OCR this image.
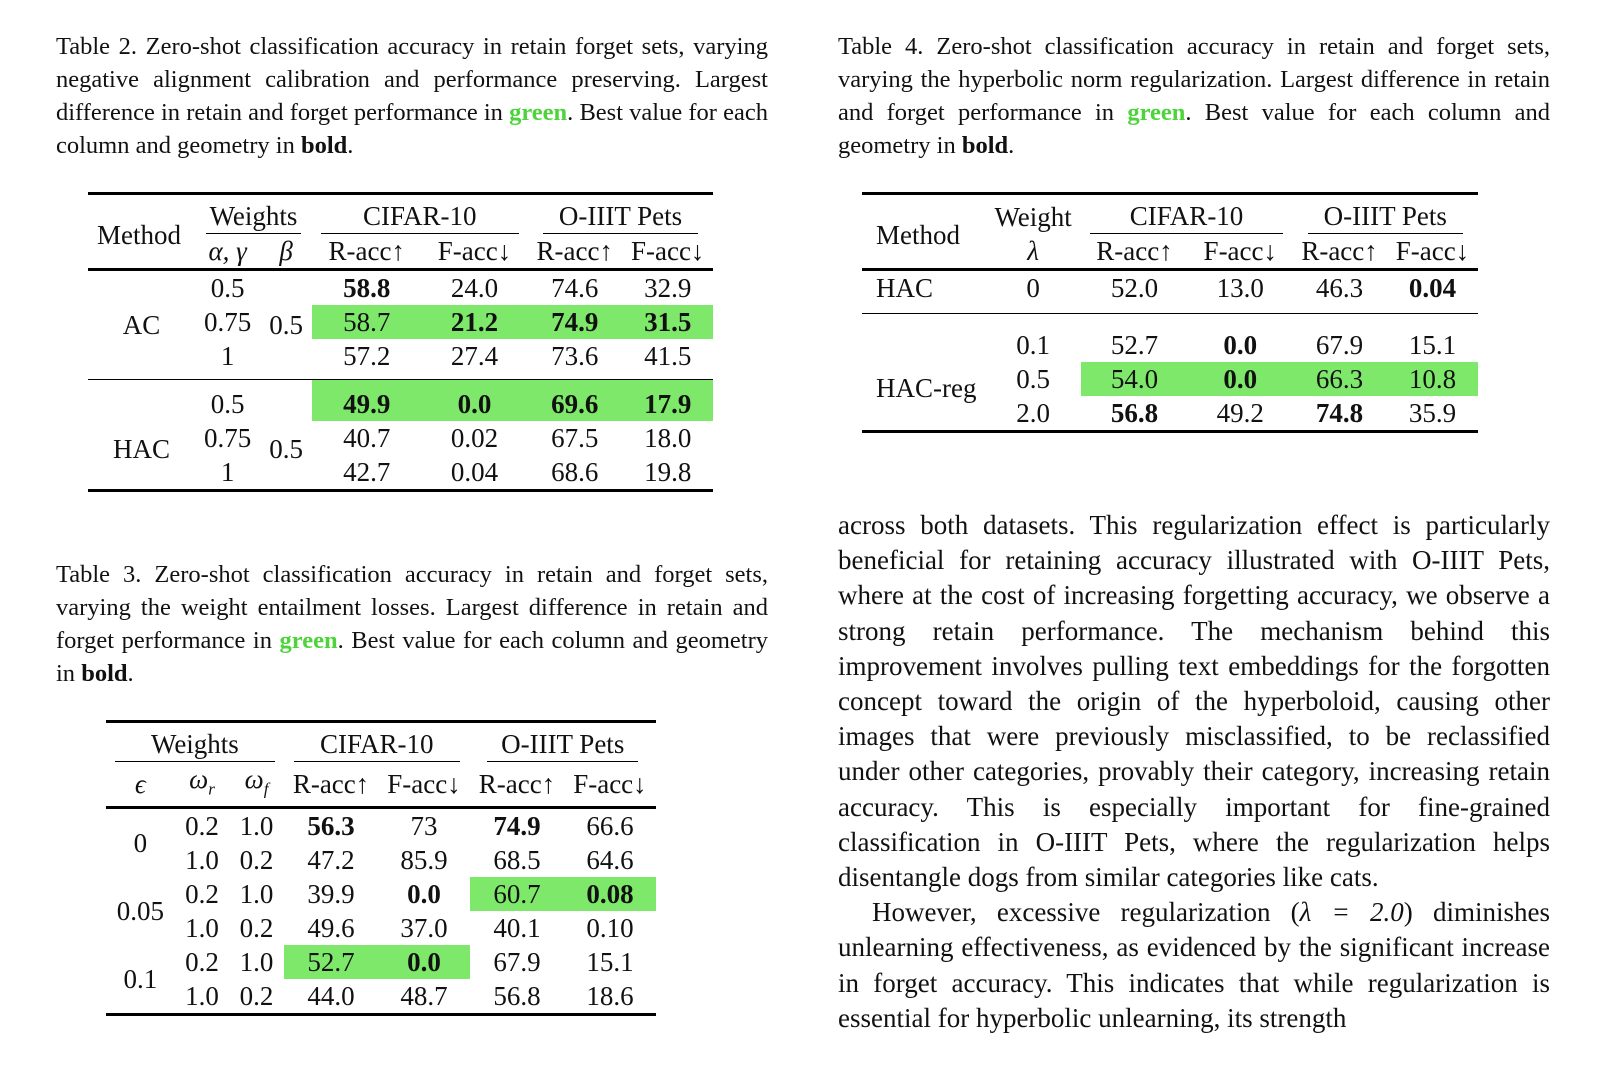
Table 2. Zero-shot classification accuracy in retain forget sets, varying negative alignment calibration and performance preserving. Largest difference in retain and forget performance in green. Best value for each column and geometry in bold.

Method	Weights		CIFAR-10		O-IIIT Pets	
	α, γ	β	R-acc↑	F-acc↓	R-acc↑	F-acc↓
AC	0.5	0.5	58.8	24.0	74.6	32.9
	0.75		58.7	21.2	74.9	31.5
	1		57.2	27.4	73.6	41.5
HAC	0.5	0.5	49.9	0.0	69.6	17.9
	0.75		40.7	0.02	67.5	18.0
	1		42.7	0.04	68.6	19.8

Table 3. Zero-shot classification accuracy in retain and forget sets, varying the weight entailment losses. Largest difference in retain and forget performance in green. Best value for each column and geometry in bold.

Weights			CIFAR-10		O-IIIT Pets	
ϵ	$\omega_r$	$\omega_f$	R-acc↑	F-acc↓	R-acc↑	F-acc↓
0	0.2	1.0	56.3	73	74.9	66.6
	1.0	0.2	47.2	85.9	68.5	64.6
0.05	0.2	1.0	39.9	0.0	60.7	0.08
	1.0	0.2	49.6	37.0	40.1	0.10
0.1	0.2	1.0	52.7	0.0	67.9	15.1
	1.0	0.2	44.0	48.7	56.8	18.6

Table 4. Zero-shot classification accuracy in retain and forget sets, varying the hyperbolic norm regularization. Largest difference in retain and forget performance in green. Best value for each column and geometry in bold.

Method	Weight	CIFAR-10		O-IIIT Pets	
	λ	R-acc↑	F-acc↓	R-acc↑	F-acc↓
HAC	0	52.0	13.0	46.3	0.04
HAC-reg	0.1	52.7	0.0	67.9	15.1
	0.5	54.0	0.0	66.3	10.8
	2.0	56.8	49.2	74.8	35.9

across both datasets. This regularization effect is particularly beneficial for retaining accuracy illustrated with O-IIIT Pets, where at the cost of increasing forgetting accuracy, we observe a strong retain performance. The mechanism behind this improvement involves pulling text embeddings for the forgotten concept toward the origin of the hyperboloid, causing other images that were previously misclassified, to be reclassified under other categories, provably their category, increasing retain accuracy. This is especially important for fine-grained classification in O-IIIT Pets, where the regularization helps disentangle dogs from similar categories like cats.

However, excessive regularization (λ = 2.0) diminishes unlearning effectiveness, as evidenced by the significant increase in forget accuracy. This indicates that while regularization is essential for hyperbolic unlearning, its strength
